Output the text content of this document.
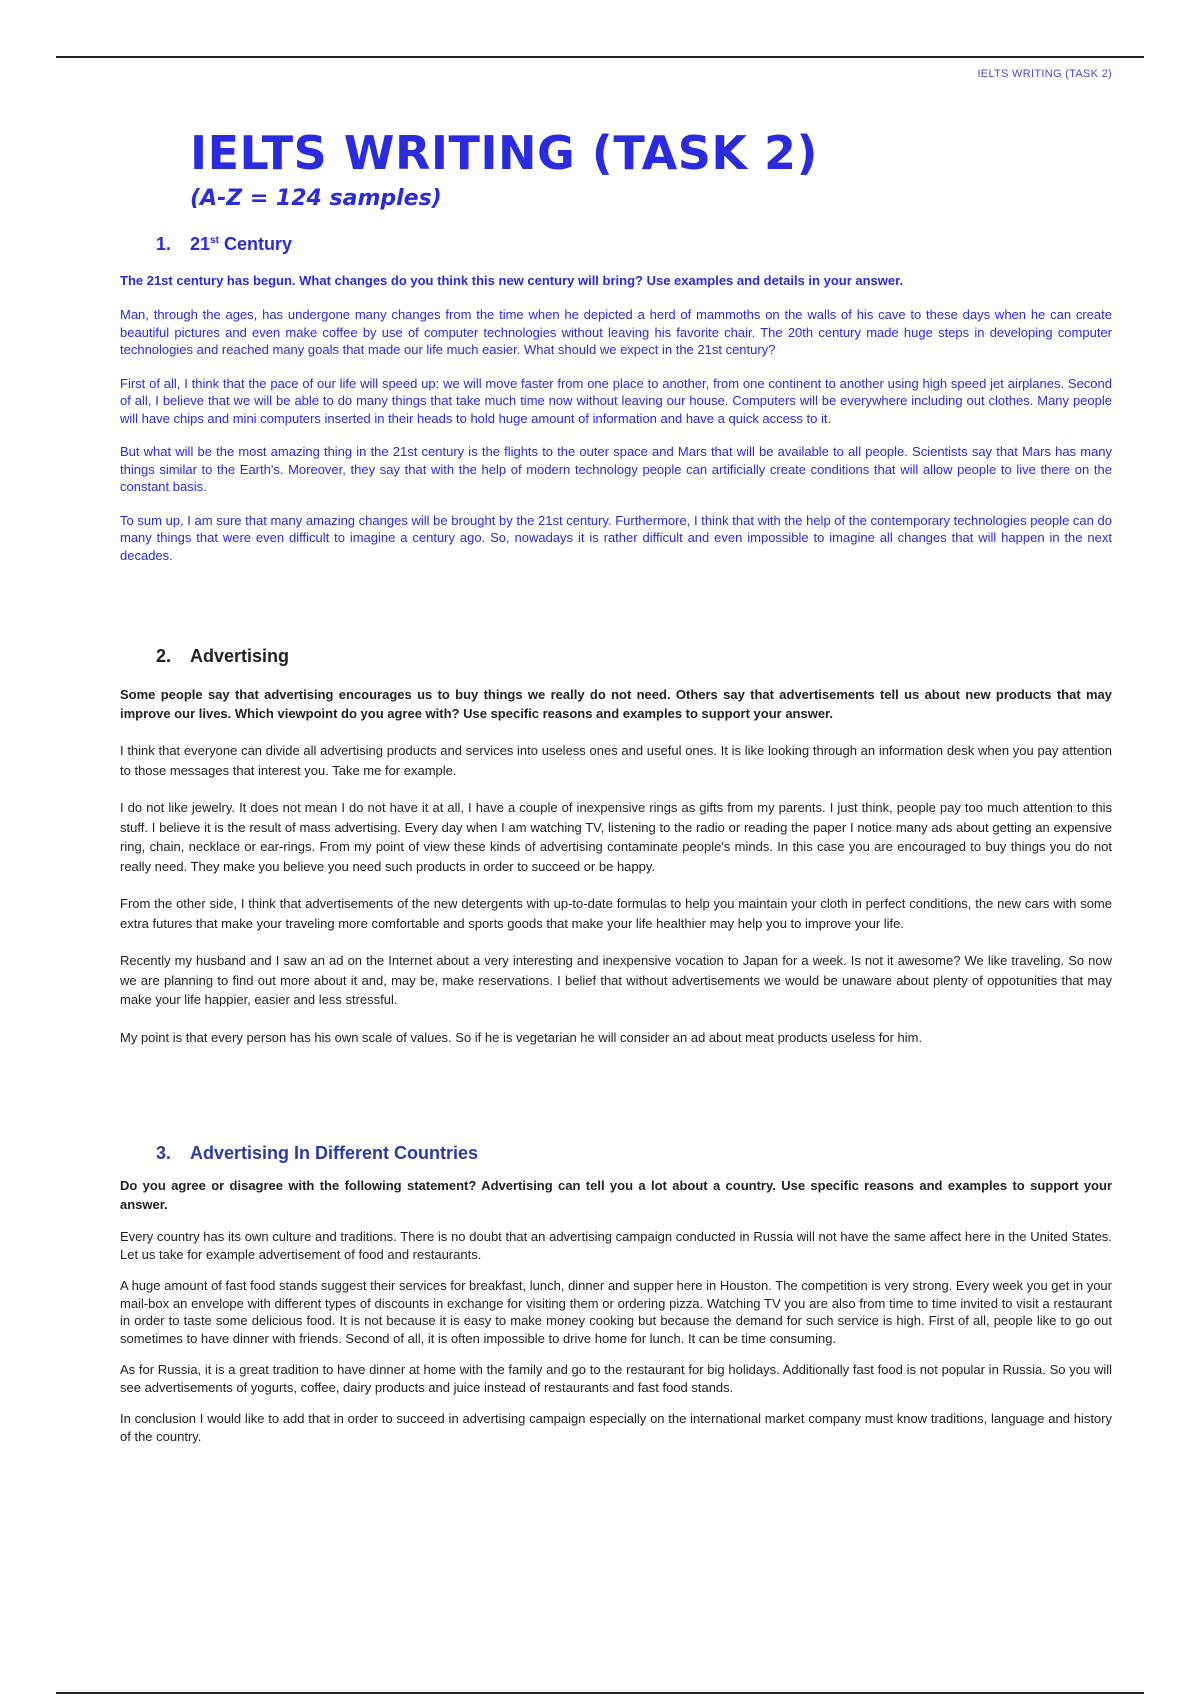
IELTS WRITING (TASK 2)
IELTS WRITING (TASK 2)
(A-Z = 124 samples)
1. 21st Century

The 21st century has begun. What changes do you think this new century will bring? Use examples and details in your answer.

Man, through the ages, has undergone many changes from the time when he depicted a herd of mammoths on the walls of his cave to these days when he can create beautiful pictures and even make coffee by use of computer technologies without leaving his favorite chair. The 20th century made huge steps in developing computer technologies and reached many goals that made our life much easier. What should we expect in the 21st century?

First of all, I think that the pace of our life will speed up: we will move faster from one place to another, from one continent to another using high speed jet airplanes. Second of all, I believe that we will be able to do many things that take much time now without leaving our house. Computers will be everywhere including out clothes. Many people will have chips and mini computers inserted in their heads to hold huge amount of information and have a quick access to it.

But what will be the most amazing thing in the 21st century is the flights to the outer space and Mars that will be available to all people. Scientists say that Mars has many things similar to the Earth's. Moreover, they say that with the help of modern technology people can artificially create conditions that will allow people to live there on the constant basis.

To sum up, I am sure that many amazing changes will be brought by the 21st century. Furthermore, I think that with the help of the contemporary technologies people can do many things that were even difficult to imagine a century ago. So, nowadays it is rather difficult and even impossible to imagine all changes that will happen in the next decades.

2. Advertising

Some people say that advertising encourages us to buy things we really do not need. Others say that advertisements tell us about new products that may improve our lives. Which viewpoint do you agree with? Use specific reasons and examples to support your answer.

I think that everyone can divide all advertising products and services into useless ones and useful ones. It is like looking through an information desk when you pay attention to those messages that interest you. Take me for example.

I do not like jewelry. It does not mean I do not have it at all, I have a couple of inexpensive rings as gifts from my parents. I just think, people pay too much attention to this stuff. I believe it is the result of mass advertising. Every day when I am watching TV, listening to the radio or reading the paper I notice many ads about getting an expensive ring, chain, necklace or ear-rings. From my point of view these kinds of advertising contaminate people's minds. In this case you are encouraged to buy things you do not really need. They make you believe you need such products in order to succeed or be happy.

From the other side, I think that advertisements of the new detergents with up-to-date formulas to help you maintain your cloth in perfect conditions, the new cars with some extra futures that make your traveling more comfortable and sports goods that make your life healthier may help you to improve your life.

Recently my husband and I saw an ad on the Internet about a very interesting and inexpensive vocation to Japan for a week. Is not it awesome? We like traveling. So now we are planning to find out more about it and, may be, make reservations. I belief that without advertisements we would be unaware about plenty of oppotunities that may make your life happier, easier and less stressful.

My point is that every person has his own scale of values. So if he is vegetarian he will consider an ad about meat products useless for him.

3. Advertising In Different Countries

Do you agree or disagree with the following statement? Advertising can tell you a lot about a country. Use specific reasons and examples to support your answer.

Every country has its own culture and traditions. There is no doubt that an advertising campaign conducted in Russia will not have the same affect here in the United States. Let us take for example advertisement of food and restaurants.

A huge amount of fast food stands suggest their services for breakfast, lunch, dinner and supper here in Houston. The competition is very strong. Every week you get in your mail-box an envelope with different types of discounts in exchange for visiting them or ordering pizza. Watching TV you are also from time to time invited to visit a restaurant in order to taste some delicious food. It is not because it is easy to make money cooking but because the demand for such service is high. First of all, people like to go out sometimes to have dinner with friends. Second of all, it is often impossible to drive home for lunch. It can be time consuming.

As for Russia, it is a great tradition to have dinner at home with the family and go to the restaurant for big holidays. Additionally fast food is not popular in Russia. So you will see advertisements of yogurts, coffee, dairy products and juice instead of restaurants and fast food stands.

In conclusion I would like to add that in order to succeed in advertising campaign especially on the international market company must know traditions, language and history of the country.
